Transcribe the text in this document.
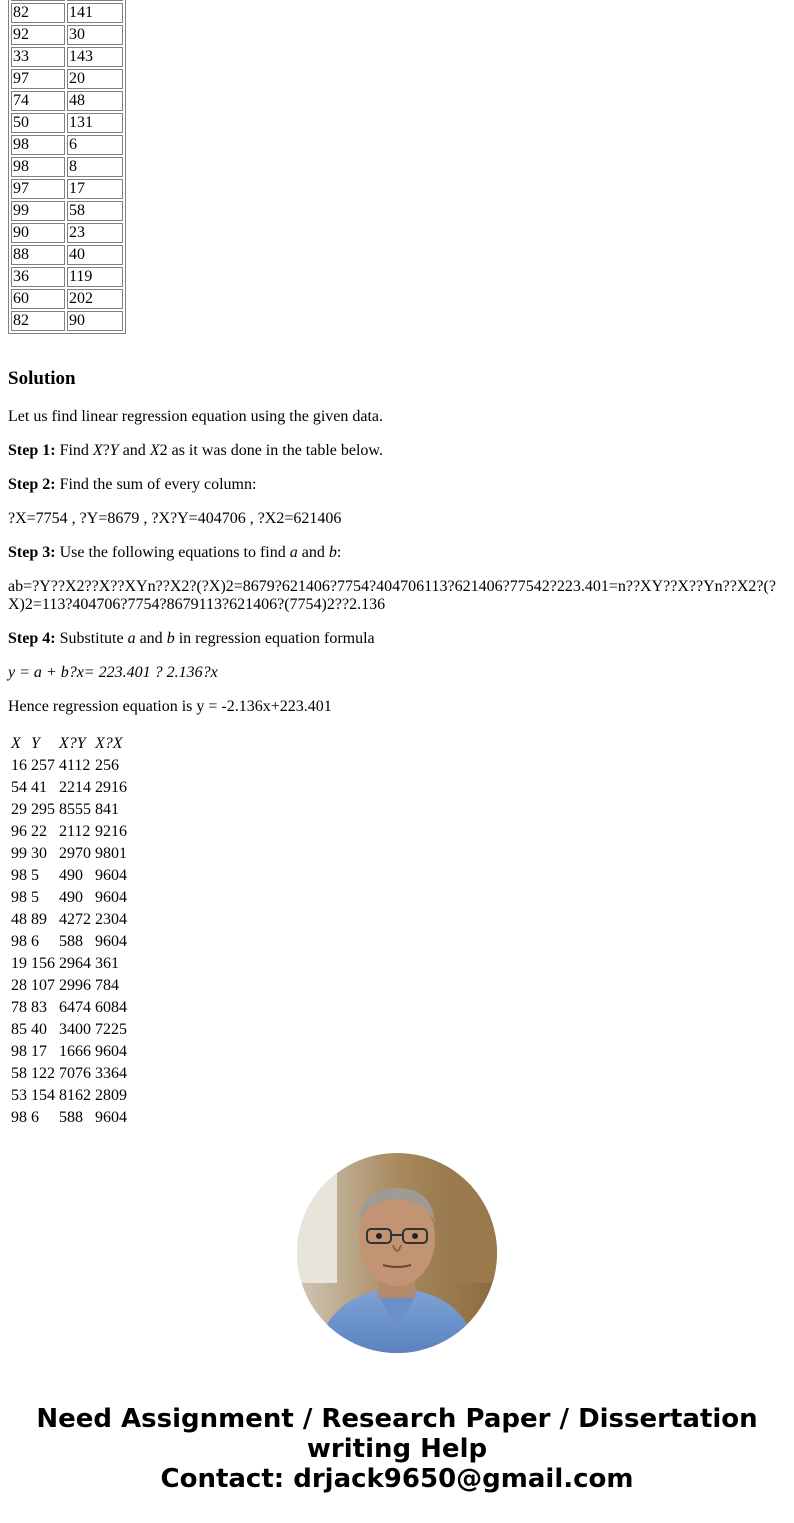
82	141
92	30
33	143
97	20
74	48
50	131
98	6
98	8
97	17
99	58
90	23
88	40
36	119
60	202
82	90
Solution

Let us find linear regression equation using the given data.

Step 1: Find X?Y and X2 as it was done in the table below.

Step 2: Find the sum of every column:

?X=7754 , ?Y=8679 , ?X?Y=404706 , ?X2=621406

Step 3: Use the following equations to find a and b:

ab=?Y??X2??X??XYn??X2?(?X)2=8679?621406?7754?404706113?621406?77542?223.401=n??XY??X??Yn??X2?(?X)2=113?404706?7754?8679113?621406?(7754)2??2.136

Step 4: Substitute a and b in regression equation formula

y = a + b?x= 223.401 ? 2.136?x

Hence regression equation is y = -2.136x+223.401

X	Y	X?Y	X?X
16	257	4112	256
54	41	2214	2916
29	295	8555	841
96	22	2112	9216
99	30	2970	9801
98	5	490	9604
98	5	490	9604
48	89	4272	2304
98	6	588	9604
19	156	2964	361
28	107	2996	784
78	83	6474	6084
85	40	3400	7225
98	17	1666	9604
58	122	7076	3364
53	154	8162	2809
98	6	588	9604
Need Assignment / Research Paper / Dissertation
writing Help
Contact: drjack9650@gmail.com
